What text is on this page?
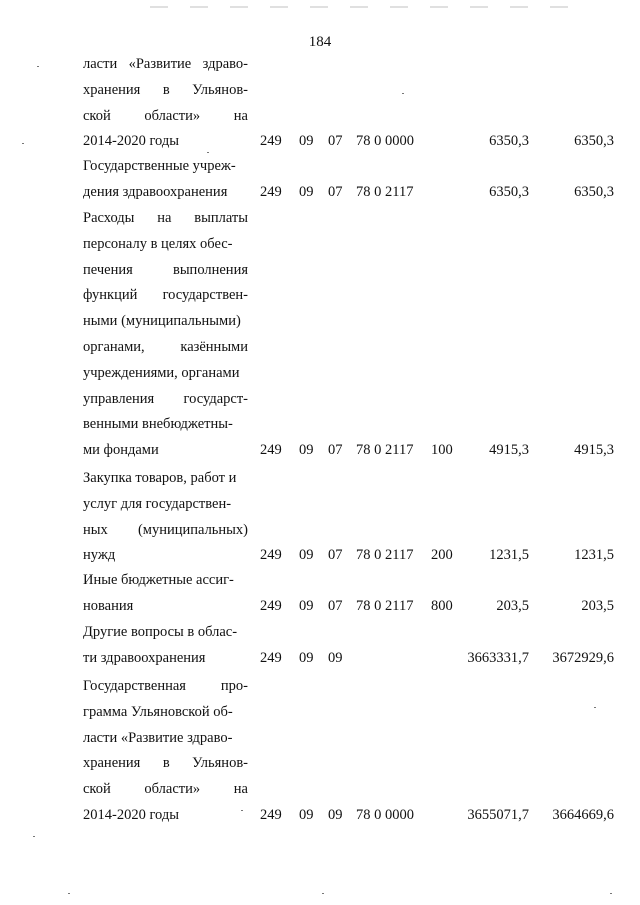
184
ласти «Развитие здраво-
хранения в Ульянов-
ской области» на
2014-2020 годы	249 09 07 78 0 0000	6350,3	6350,3
Государственные учреж-
дения здравоохранения 249 09 07 78 0 2117	6350,3	6350,3
Расходы на выплаты
персоналу в целях обес-
печения	выполнения
функций государствен-
ными (муниципальными)
органами, казёнными
учреждениями, органами
управления государст-
венными внебюджетны-
ми фондами	249 09 07 78 0 2117 100	4915,3	4915,3
Закупка товаров, работ и
услуг для государствен-
ных (муниципальных)
нужд	249 09 07 78 0 2117 200	1231,5	1231,5
Иные бюджетные ассиг-
нования	249 09 07 78 0 2117 800	203,5	203,5
Другие вопросы в облас-
ти здравоохранения	249 09 09	3663331,7 3672929,6
Государственная про-
грамма Ульяновской об-
ласти «Развитие здраво-
хранения в Ульянов-
ской области» на
2014-2020 годы	249 09 09 78 0 0000	3655071,7 3664669,6
